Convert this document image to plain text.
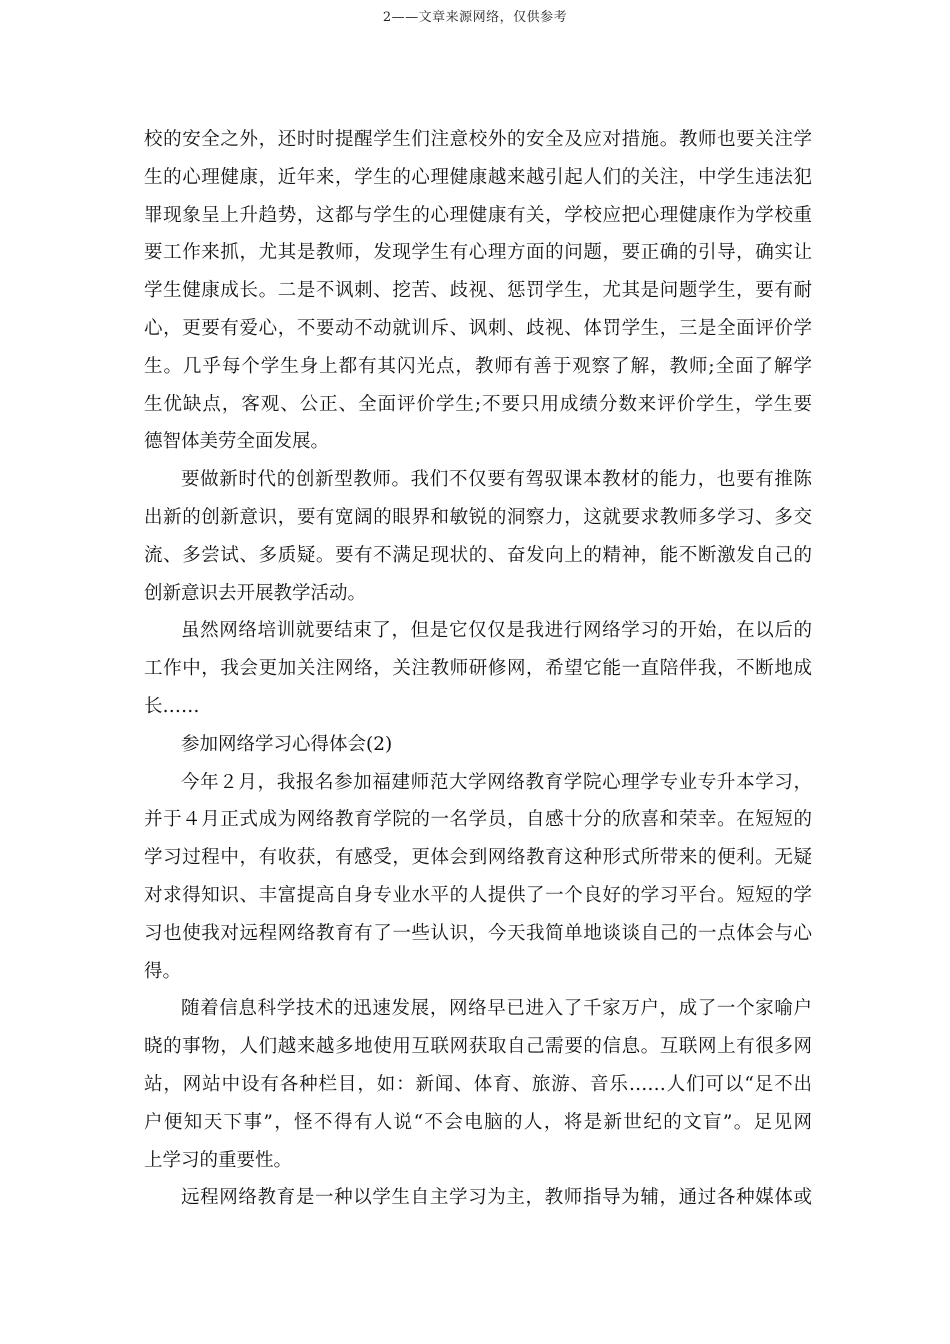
2——文章来源网络，仅供参考
校的安全之外，还时时提醒学生们注意校外的安全及应对措施。教师也要关注学
生的心理健康，近年来，学生的心理健康越来越引起人们的关注，中学生违法犯
罪现象呈上升趋势，这都与学生的心理健康有关，学校应把心理健康作为学校重
要工作来抓，尤其是教师，发现学生有心理方面的问题，要正确的引导，确实让
学生健康成长。二是不讽刺、挖苦、歧视、惩罚学生，尤其是问题学生，要有耐
心，更要有爱心，不要动不动就训斥、讽刺、歧视、体罚学生，三是全面评价学
生。几乎每个学生身上都有其闪光点，教师有善于观察了解，教师;全面了解学
生优缺点，客观、公正、全面评价学生;不要只用成绩分数来评价学生，学生要
德智体美劳全面发展。
要做新时代的创新型教师。我们不仅要有驾驭课本教材的能力，也要有推陈
出新的创新意识，要有宽阔的眼界和敏锐的洞察力，这就要求教师多学习、多交
流、多尝试、多质疑。要有不满足现状的、奋发向上的精神，能不断激发自己的
创新意识去开展教学活动。
虽然网络培训就要结束了，但是它仅仅是我进行网络学习的开始，在以后的
工作中，我会更加关注网络，关注教师研修网，希望它能一直陪伴我，不断地成
长……
参加网络学习心得体会(2)
今年２月，我报名参加福建师范大学网络教育学院心理学专业专升本学习，
并于４月正式成为网络教育学院的一名学员，自感十分的欣喜和荣幸。在短短的
学习过程中，有收获，有感受，更体会到网络教育这种形式所带来的便利。无疑
对求得知识、丰富提高自身专业水平的人提供了一个良好的学习平台。短短的学
习也使我对远程网络教育有了一些认识，今天我简单地谈谈自己的一点体会与心
得。
随着信息科学技术的迅速发展，网络早已进入了千家万户，成了一个家喻户
晓的事物，人们越来越多地使用互联网获取自己需要的信息。互联网上有很多网
站，网站中设有各种栏目，如：新闻、体育、旅游、音乐……人们可以“足不出
户便知天下事”，怪不得有人说“不会电脑的人，将是新世纪的文盲”。足见网
上学习的重要性。
远程网络教育是一种以学生自主学习为主，教师指导为辅，通过各种媒体或
